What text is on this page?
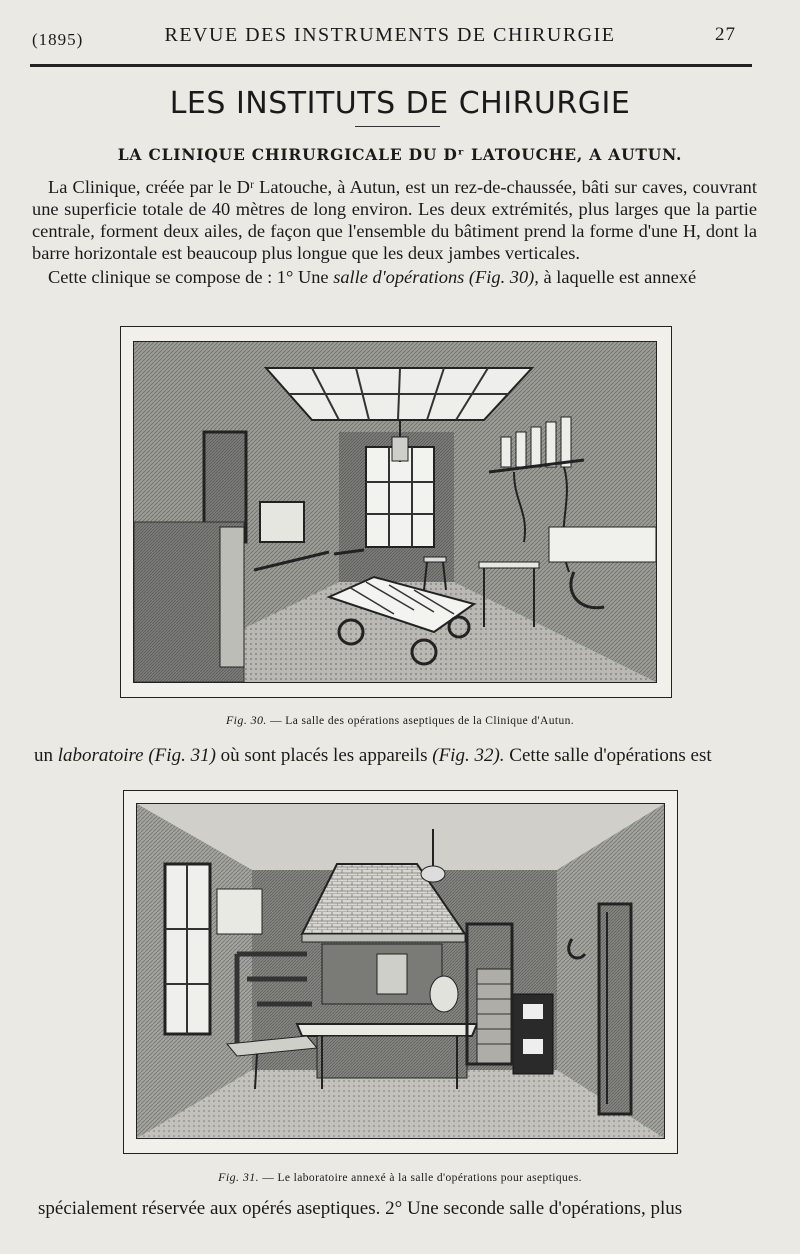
(1895)	REVUE DES INSTRUMENTS DE CHIRURGIE	27
LES INSTITUTS DE CHIRURGIE
LA CLINIQUE CHIRURGICALE DU Dʳ LATOUCHE, A AUTUN.

La Clinique, créée par le Dʳ Latouche, à Autun, est un rez-de-chaussée, bâti sur caves, couvrant une superficie totale de 40 mètres de long environ. Les deux extrémités, plus larges que la partie centrale, forment deux ailes, de façon que l'ensemble du bâtiment prend la forme d'une H, dont la barre horizontale est beaucoup plus longue que les deux jambes verticales.

Cette clinique se compose de : 1° Une salle d'opérations (Fig. 30), à laquelle est annexé

Fig. 30. — La salle des opérations aseptiques de la Clinique d'Autun.
un laboratoire (Fig. 31) où sont placés les appareils (Fig. 32). Cette salle d'opérations est
Fig. 31. — Le laboratoire annexé à la salle d'opérations pour aseptiques.
spécialement réservée aux opérés aseptiques. 2° Une seconde salle d'opérations, plus
